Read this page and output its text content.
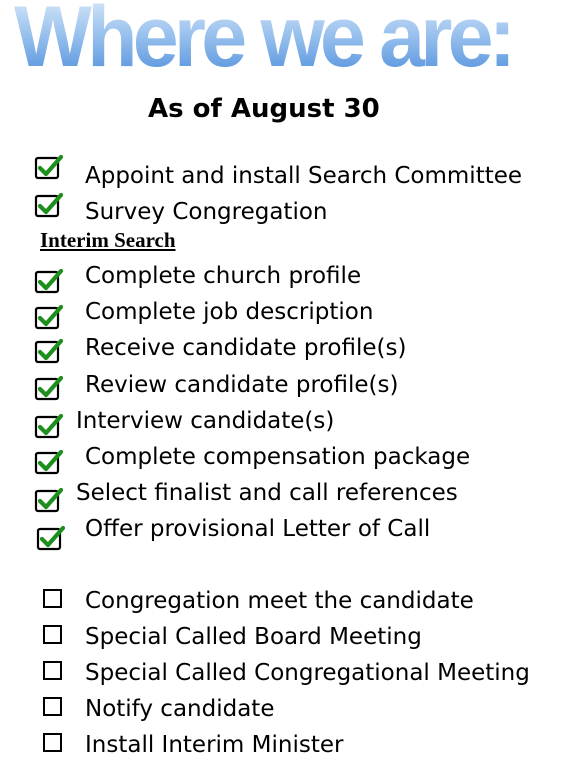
Where we are:
As of August 30
Appoint and install Search Committee
Survey Congregation
Interim Search
Complete church profile
Complete job description
Receive candidate profile(s)
Review candidate profile(s)
Interview candidate(s)
Complete compensation package
Select finalist and call references
Offer provisional Letter of Call
Congregation meet the candidate
Special Called Board Meeting
Special Called Congregational Meeting
Notify candidate
Install Interim Minister
